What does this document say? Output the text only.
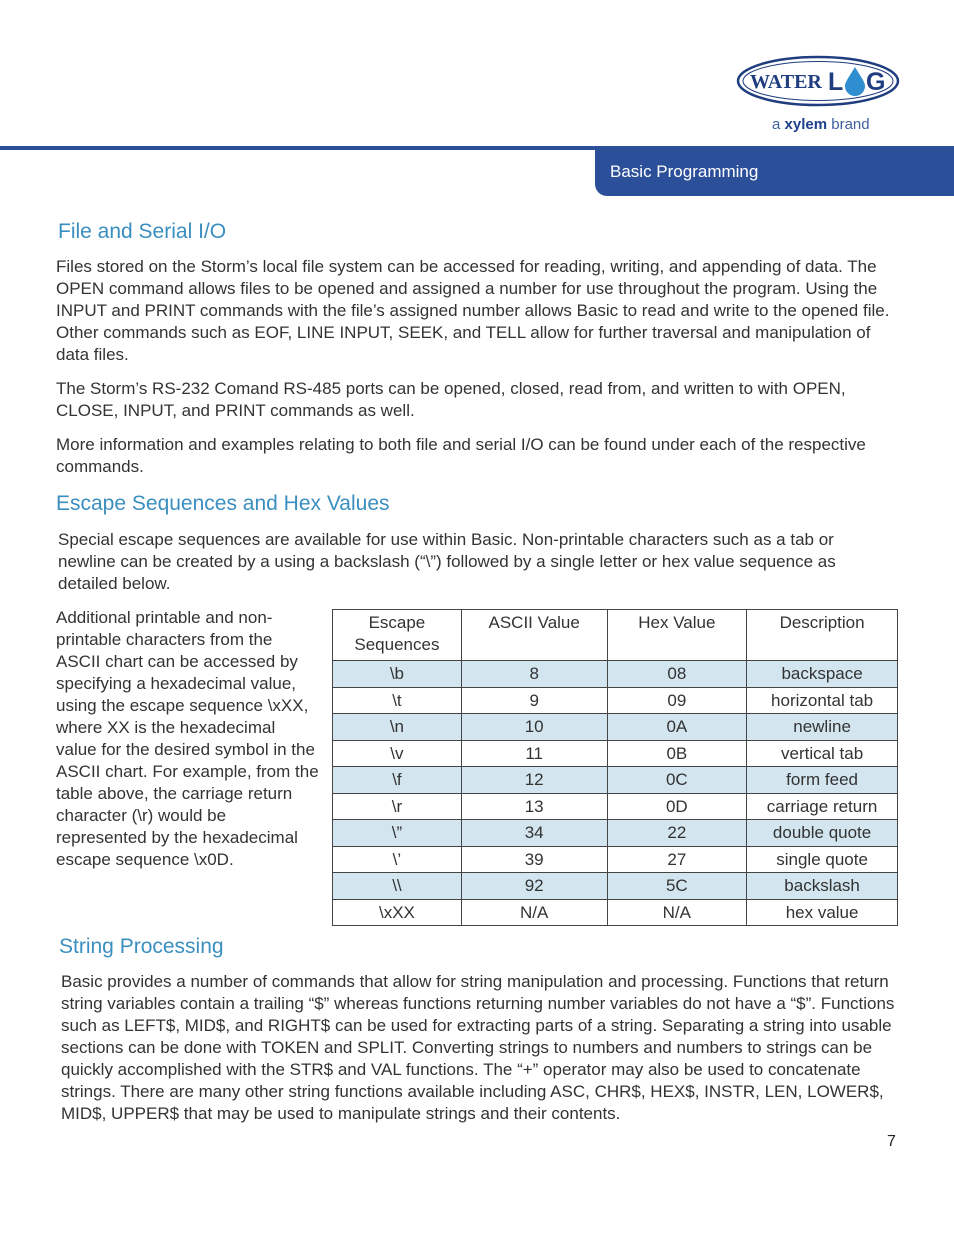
WATER L G
a xylem brand
Basic Programming
File and Serial I/O

Files stored on the Storm’s local file system can be accessed for reading, writing, and appending of data. The OPEN command allows files to be opened and assigned a number for use throughout the program. Using the INPUT and PRINT commands with the file’s assigned number allows Basic to read and write to the opened file. Other commands such as EOF, LINE INPUT, SEEK, and TELL allow for further traversal and manipulation of data files.

The Storm’s RS-232 Comand RS-485 ports can be opened, closed, read from, and written to with OPEN, CLOSE, INPUT, and PRINT commands as well.

More information and examples relating to both file and serial I/O can be found under each of the respective commands.

Escape Sequences and Hex Values

Special escape sequences are available for use within Basic. Non-printable characters such as a tab or newline can be created by a using a backslash (“\”) followed by a single letter or hex value sequence as detailed below.

Additional printable and non-printable characters from the ASCII chart can be accessed by specifying a hexadecimal value, using the escape sequence \xXX, where XX is the hexadecimal value for the desired symbol in the ASCII chart. For example, from the table above, the carriage return character (\r) would be represented by the hexadecimal escape sequence \x0D.

Escape Sequences	ASCII Value	Hex Value	Description
\b	8	08	backspace
\t	9	09	horizontal tab
\n	10	0A	newline
\v	11	0B	vertical tab
\f	12	0C	form feed
\r	13	0D	carriage return
\”	34	22	double quote
\’	39	27	single quote
\\	92	5C	backslash
\xXX	N/A	N/A	hex value
String Processing

Basic provides a number of commands that allow for string manipulation and processing. Functions that return string variables contain a trailing “$” whereas functions returning number variables do not have a “$”. Functions such as LEFT$, MID$, and RIGHT$ can be used for extracting parts of a string. Separating a string into usable sections can be done with TOKEN and SPLIT. Converting strings to numbers and numbers to strings can be quickly accomplished with the STR$ and VAL functions. The “+” operator may also be used to concatenate strings. There are many other string functions available including ASC, CHR$, HEX$, INSTR, LEN, LOWER$, MID$, UPPER$ that may be used to manipulate strings and their contents.

7
